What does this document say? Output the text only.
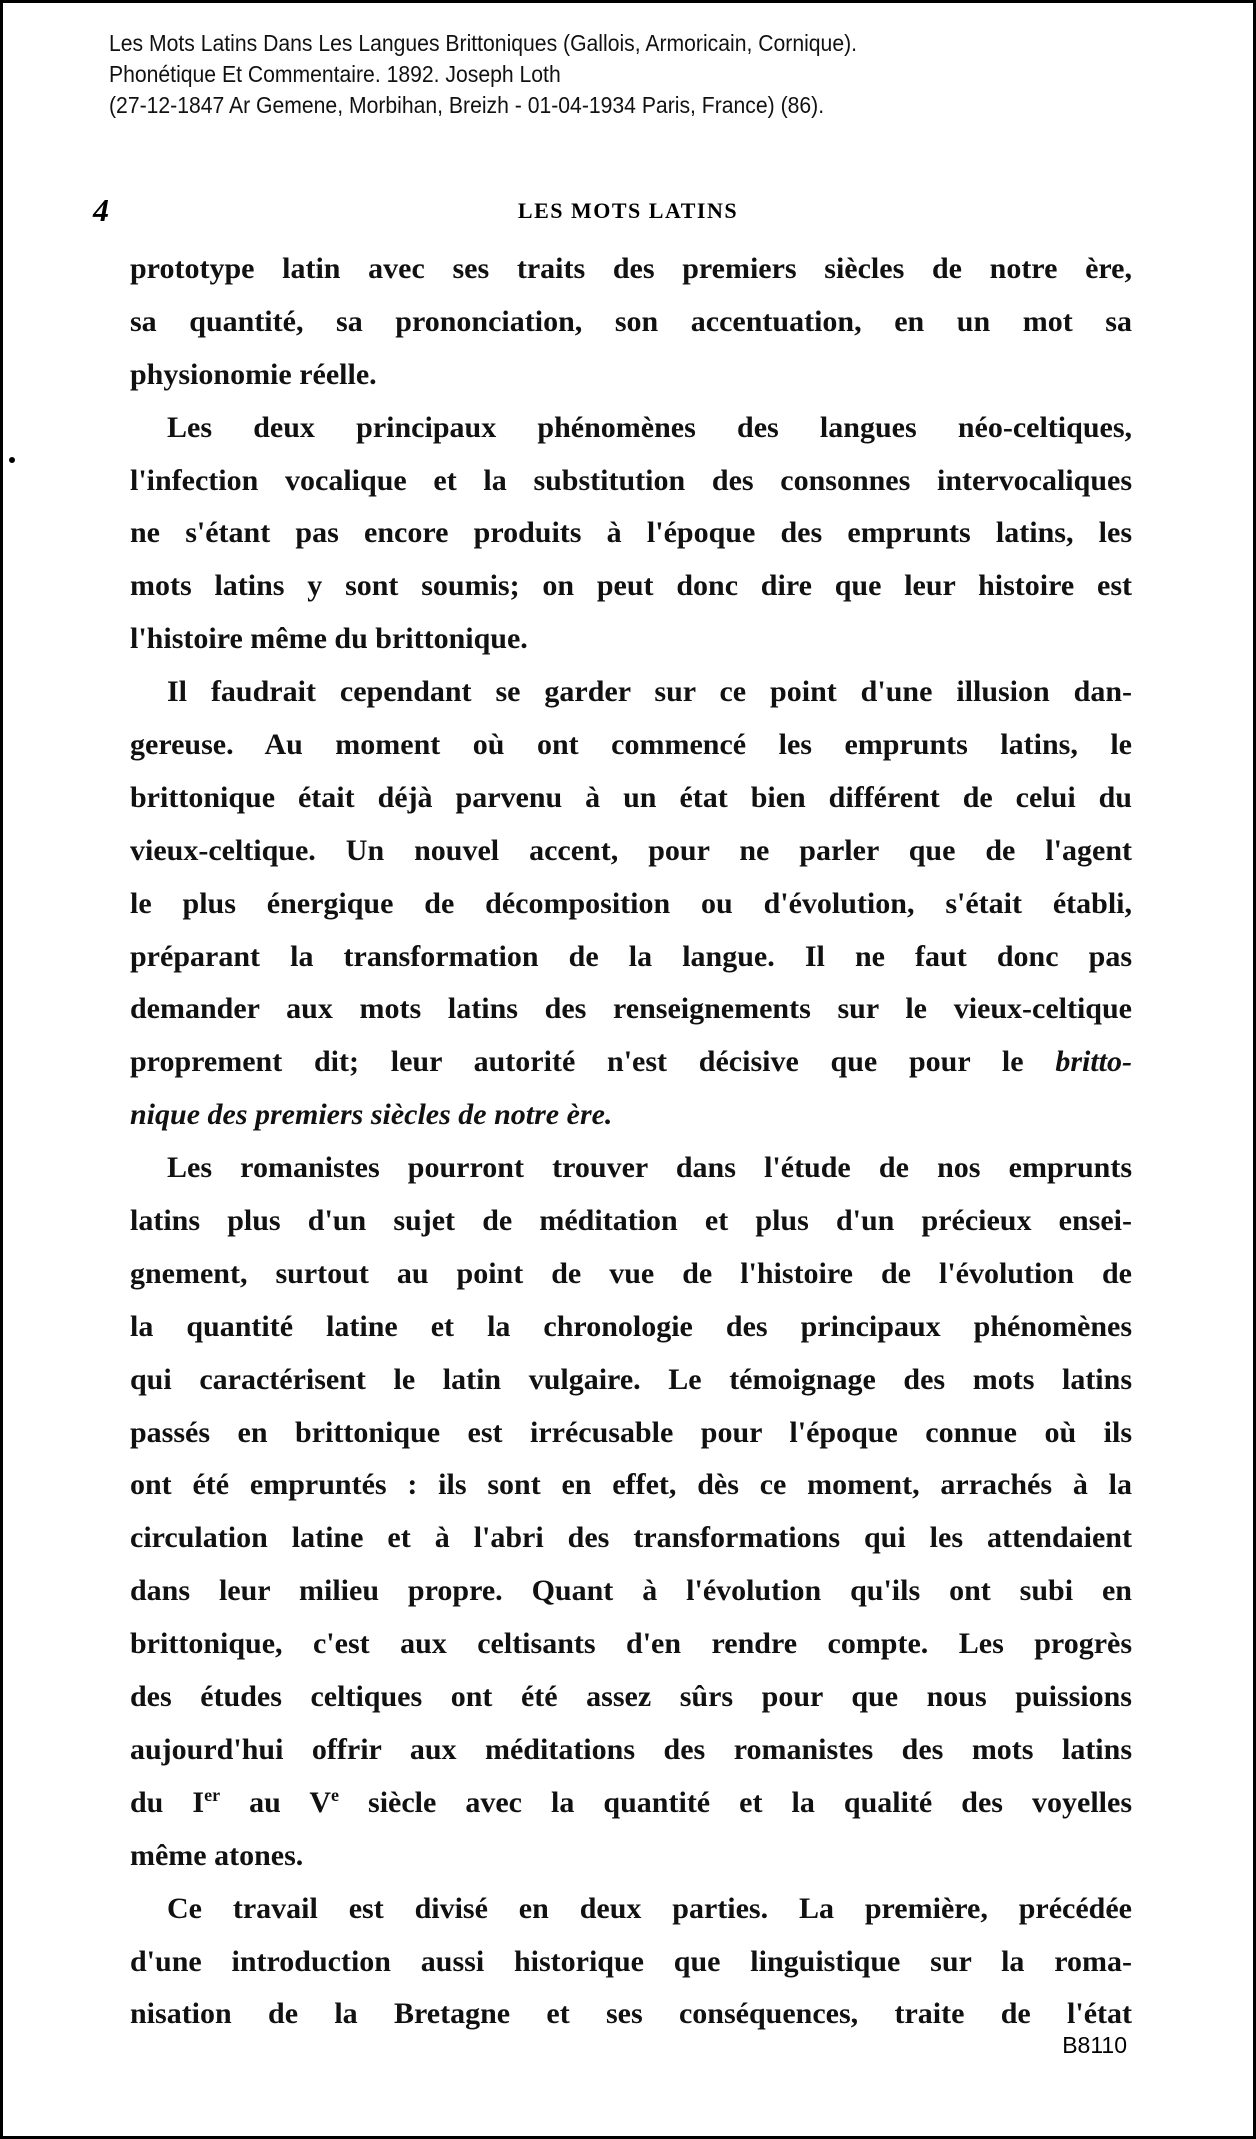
Les Mots Latins Dans Les Langues Brittoniques (Gallois, Armoricain, Cornique).
Phonétique Et Commentaire. 1892. Joseph Loth
(27-12-1847 Ar Gemene, Morbihan, Breizh - 01-04-1934 Paris, France) (86).
4	LES MOTS LATINS
prototype latin avec ses traits des premiers siècles de notre ère,
sa quantité, sa prononciation, son accentuation, en un mot sa
physionomie réelle.
Les deux principaux phénomènes des langues néo-celtiques,
l'infection vocalique et la substitution des consonnes intervocaliques
ne s'étant pas encore produits à l'époque des emprunts latins, les
mots latins y sont soumis; on peut donc dire que leur histoire est
l'histoire même du brittonique.
Il faudrait cependant se garder sur ce point d'une illusion dan-
gereuse. Au moment où ont commencé les emprunts latins, le
brittonique était déjà parvenu à un état bien différent de celui du
vieux-celtique. Un nouvel accent, pour ne parler que de l'agent
le plus énergique de décomposition ou d'évolution, s'était établi,
préparant la transformation de la langue. Il ne faut donc pas
demander aux mots latins des renseignements sur le vieux-celtique
proprement dit; leur autorité n'est décisive que pour le britto-
nique des premiers siècles de notre ère.
Les romanistes pourront trouver dans l'étude de nos emprunts
latins plus d'un sujet de méditation et plus d'un précieux ensei-
gnement, surtout au point de vue de l'histoire de l'évolution de
la quantité latine et la chronologie des principaux phénomènes
qui caractérisent le latin vulgaire. Le témoignage des mots latins
passés en brittonique est irrécusable pour l'époque connue où ils
ont été empruntés : ils sont en effet, dès ce moment, arrachés à la
circulation latine et à l'abri des transformations qui les attendaient
dans leur milieu propre. Quant à l'évolution qu'ils ont subi en
brittonique, c'est aux celtisants d'en rendre compte. Les progrès
des études celtiques ont été assez sûrs pour que nous puissions
aujourd'hui offrir aux méditations des romanistes des mots latins
du Ier au Ve siècle avec la quantité et la qualité des voyelles
même atones.
Ce travail est divisé en deux parties. La première, précédée
d'une introduction aussi historique que linguistique sur la roma-
nisation de la Bretagne et ses conséquences, traite de l'état
B8110
